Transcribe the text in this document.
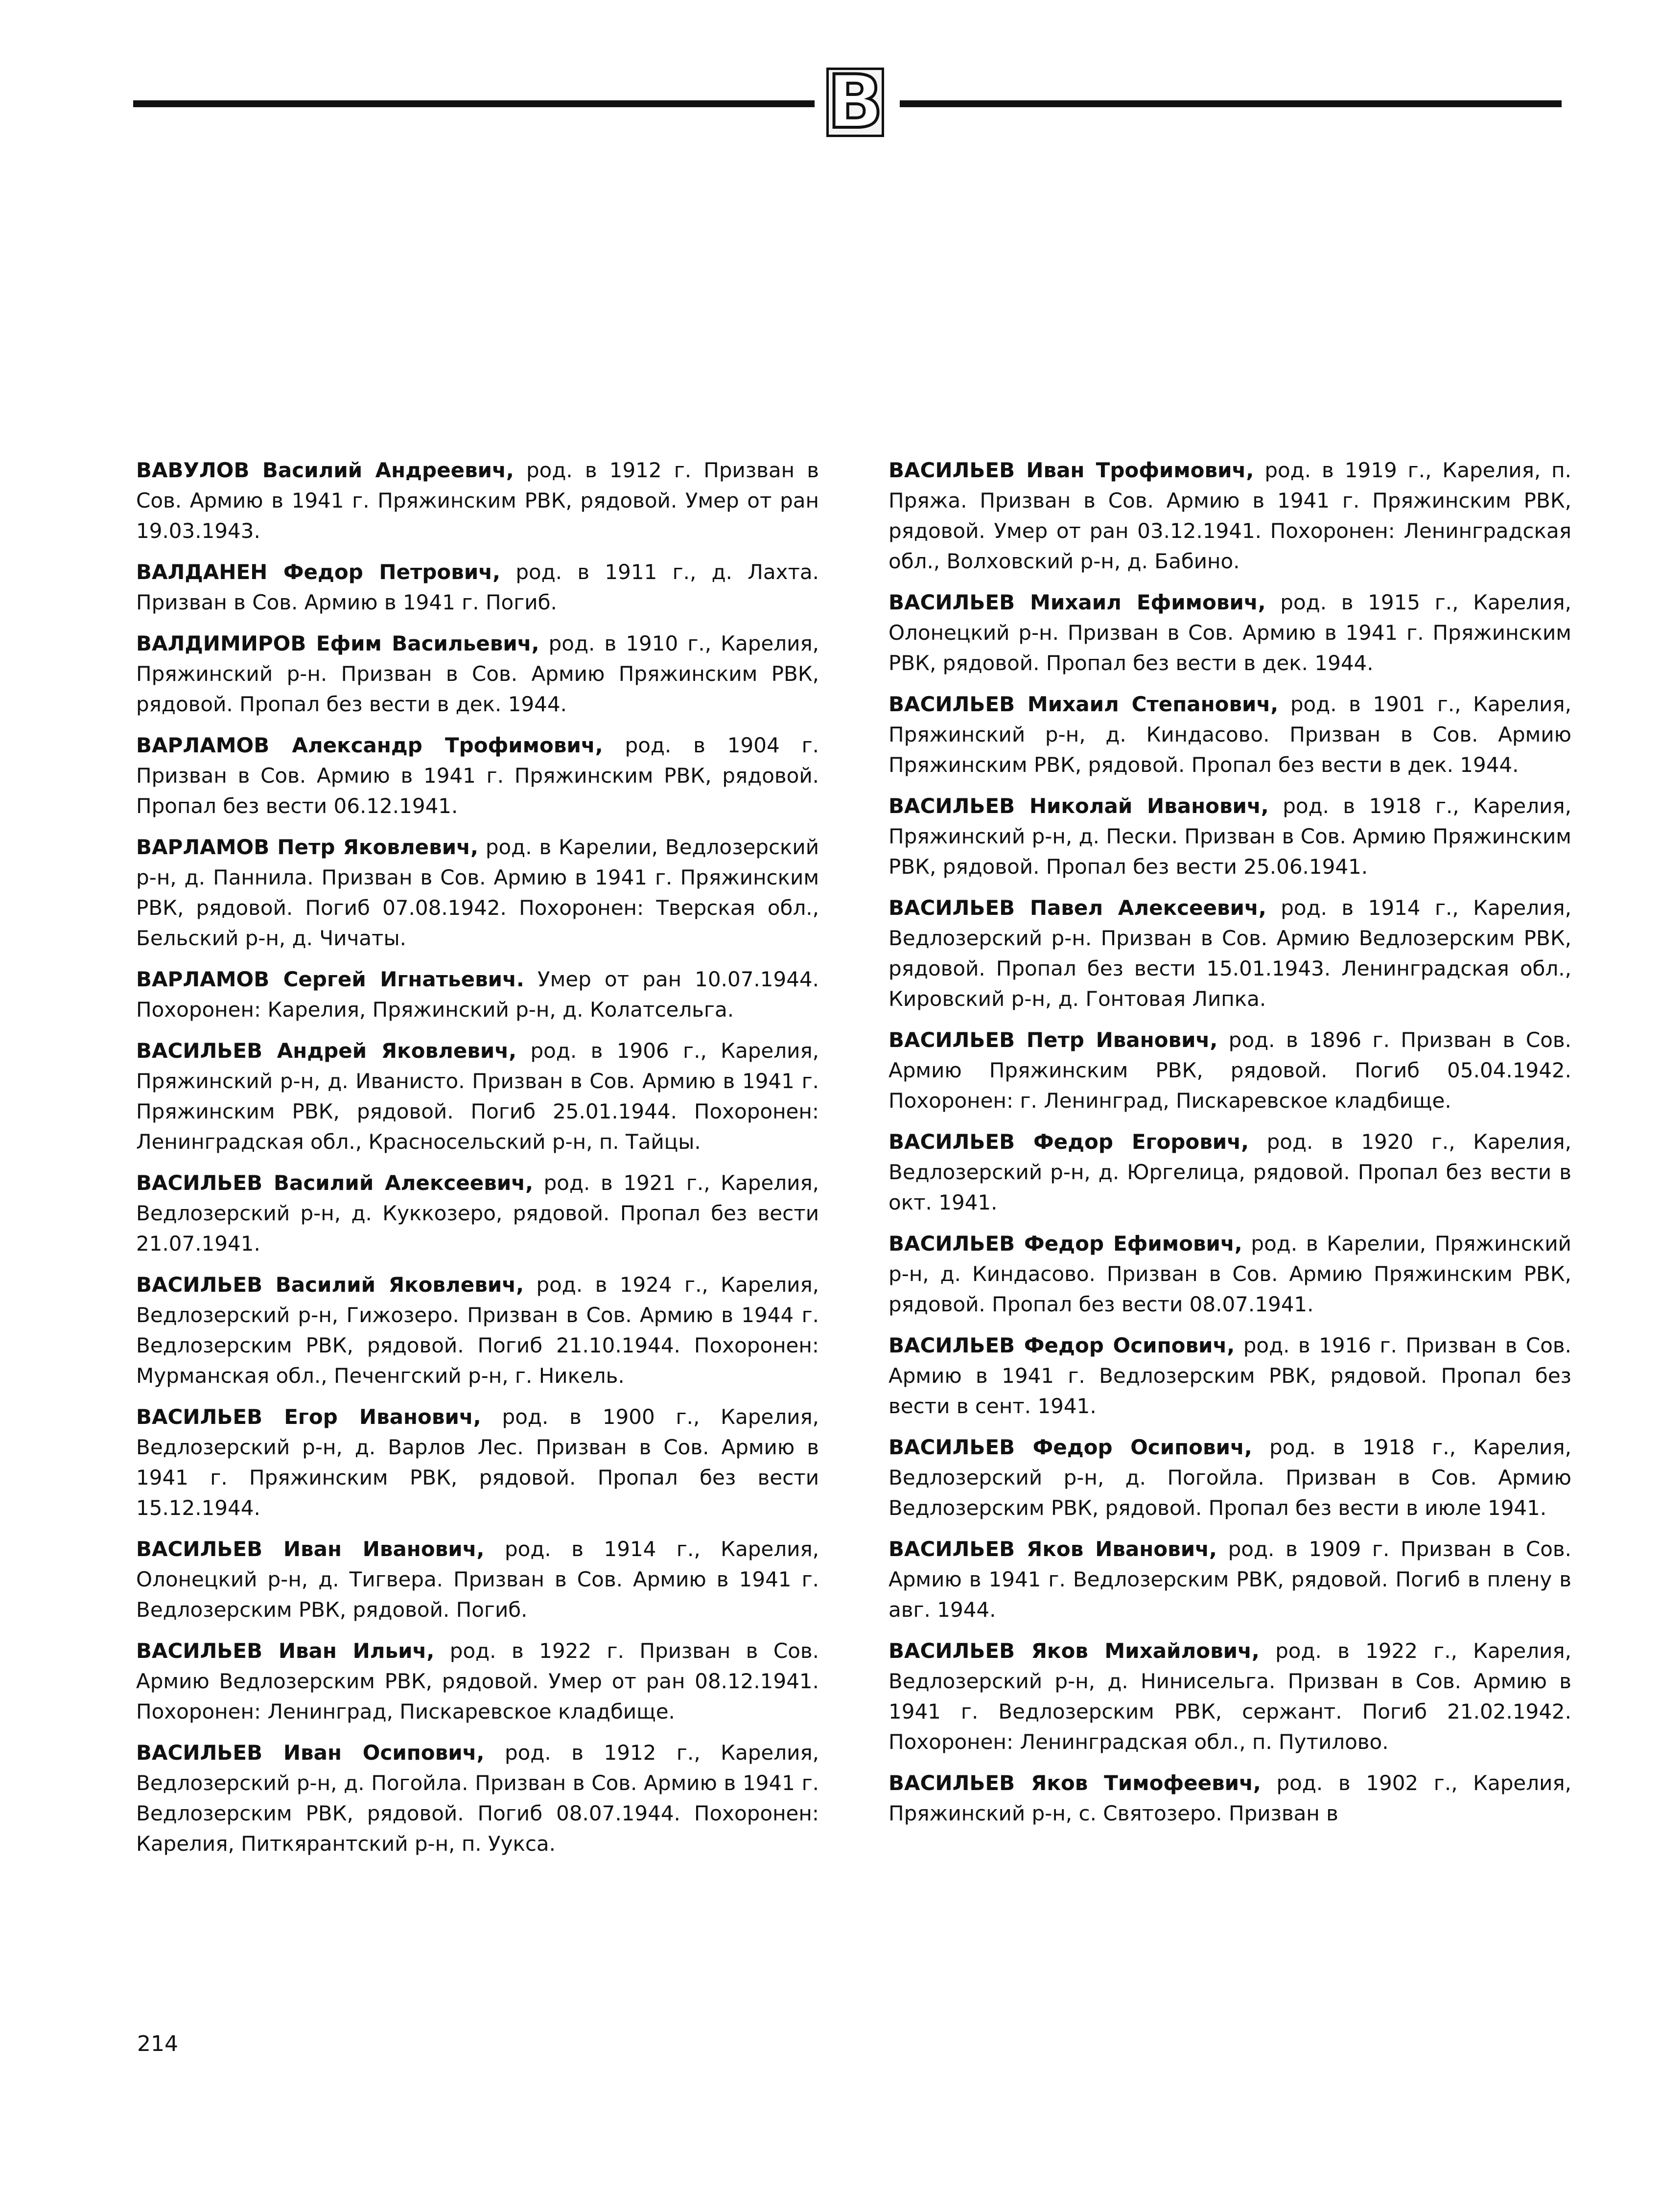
В

ВАВУЛОВ Василий Андреевич, род. в 1912 г. Призван в Сов. Армию в 1941 г. Пряжинским РВК, рядовой. Умер от ран 19.03.1943.

ВАЛДАНЕН Федор Петрович, род. в 1911 г., д. Лахта. Призван в Сов. Армию в 1941 г. Погиб.

ВАЛДИМИРОВ Ефим Васильевич, род. в 1910 г., Карелия, Пряжинский р-н. Призван в Сов. Армию Пряжинским РВК, рядовой. Пропал без вести в дек. 1944.

ВАРЛАМОВ Александр Трофимович, род. в 1904 г. Призван в Сов. Армию в 1941 г. Пряжинским РВК, рядовой. Пропал без вести 06.12.1941.

ВАРЛАМОВ Петр Яковлевич, род. в Карелии, Ведлозерский р-н, д. Паннила. Призван в Сов. Армию в 1941 г. Пряжинским РВК, рядовой. Погиб 07.08.1942. Похоронен: Тверская обл., Бельский р-н, д. Чичаты.

ВАРЛАМОВ Сергей Игнатьевич. Умер от ран 10.07.1944. Похоронен: Карелия, Пряжинский р-н, д. Колатсельга.

ВАСИЛЬЕВ Андрей Яковлевич, род. в 1906 г., Карелия, Пряжинский р-н, д. Иванисто. Призван в Сов. Армию в 1941 г. Пряжинским РВК, рядовой. Погиб 25.01.1944. Похоронен: Ленинградская обл., Красносельский р-н, п. Тайцы.

ВАСИЛЬЕВ Василий Алексеевич, род. в 1921 г., Карелия, Ведлозерский р-н, д. Куккозеро, рядовой. Пропал без вести 21.07.1941.

ВАСИЛЬЕВ Василий Яковлевич, род. в 1924 г., Карелия, Ведлозерский р-н, Гижозеро. Призван в Сов. Армию в 1944 г. Ведлозерским РВК, рядовой. Погиб 21.10.1944. Похоронен: Мурманская обл., Печенгский р-н, г. Никель.

ВАСИЛЬЕВ Егор Иванович, род. в 1900 г., Карелия, Ведлозерский р-н, д. Варлов Лес. Призван в Сов. Армию в 1941 г. Пряжинским РВК, рядовой. Пропал без вести 15.12.1944.

ВАСИЛЬЕВ Иван Иванович, род. в 1914 г., Карелия, Олонецкий р-н, д. Тигвера. Призван в Сов. Армию в 1941 г. Ведлозерским РВК, рядовой. Погиб.

ВАСИЛЬЕВ Иван Ильич, род. в 1922 г. Призван в Сов. Армию Ведлозерским РВК, рядовой. Умер от ран 08.12.1941. Похоронен: Ленинград, Пискаревское кладбище.

ВАСИЛЬЕВ Иван Осипович, род. в 1912 г., Карелия, Ведлозерский р-н, д. Погойла. Призван в Сов. Армию в 1941 г. Ведлозерским РВК, рядовой. Погиб 08.07.1944. Похоронен: Карелия, Питкярантский р-н, п. Уукса.

ВАСИЛЬЕВ Иван Трофимович, род. в 1919 г., Карелия, п. Пряжа. Призван в Сов. Армию в 1941 г. Пряжинским РВК, рядовой. Умер от ран 03.12.1941. Похоронен: Ленинградская обл., Волховский р-н, д. Бабино.

ВАСИЛЬЕВ Михаил Ефимович, род. в 1915 г., Карелия, Олонецкий р-н. Призван в Сов. Армию в 1941 г. Пряжинским РВК, рядовой. Пропал без вести в дек. 1944.

ВАСИЛЬЕВ Михаил Степанович, род. в 1901 г., Карелия, Пряжинский р-н, д. Киндасово. Призван в Сов. Армию Пряжинским РВК, рядовой. Пропал без вести в дек. 1944.

ВАСИЛЬЕВ Николай Иванович, род. в 1918 г., Карелия, Пряжинский р-н, д. Пески. Призван в Сов. Армию Пряжинским РВК, рядовой. Пропал без вести 25.06.1941.

ВАСИЛЬЕВ Павел Алексеевич, род. в 1914 г., Карелия, Ведлозерский р-н. Призван в Сов. Армию Ведлозерским РВК, рядовой. Пропал без вести 15.01.1943. Ленинградская обл., Кировский р-н, д. Гонтовая Липка.

ВАСИЛЬЕВ Петр Иванович, род. в 1896 г. Призван в Сов. Армию Пряжинским РВК, рядовой. Погиб 05.04.1942. Похоронен: г. Ленинград, Пискаревское кладбище.

ВАСИЛЬЕВ Федор Егорович, род. в 1920 г., Карелия, Ведлозерский р-н, д. Юргелица, рядовой. Пропал без вести в окт. 1941.

ВАСИЛЬЕВ Федор Ефимович, род. в Карелии, Пряжинский р-н, д. Киндасово. Призван в Сов. Армию Пряжинским РВК, рядовой. Пропал без вести 08.07.1941.

ВАСИЛЬЕВ Федор Осипович, род. в 1916 г. Призван в Сов. Армию в 1941 г. Ведлозерским РВК, рядовой. Пропал без вести в сент. 1941.

ВАСИЛЬЕВ Федор Осипович, род. в 1918 г., Карелия, Ведлозерский р-н, д. Погойла. Призван в Сов. Армию Ведлозерским РВК, рядовой. Пропал без вести в июле 1941.

ВАСИЛЬЕВ Яков Иванович, род. в 1909 г. Призван в Сов. Армию в 1941 г. Ведлозерским РВК, рядовой. Погиб в плену в авг. 1944.

ВАСИЛЬЕВ Яков Михайлович, род. в 1922 г., Карелия, Ведлозерский р-н, д. Нинисельга. Призван в Сов. Армию в 1941 г. Ведлозерским РВК, сержант. Погиб 21.02.1942. Похоронен: Ленинградская обл., п. Путилово.

ВАСИЛЬЕВ Яков Тимофеевич, род. в 1902 г., Карелия, Пряжинский р-н, с. Святозеро. Призван в

214
